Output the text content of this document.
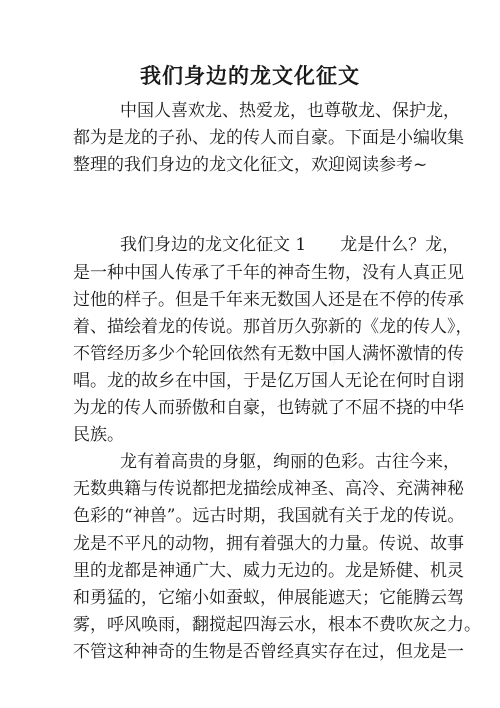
我们身边的龙文化征文

中国人喜欢龙、热爱龙，也尊敬龙、保护龙，

都为是龙的子孙、龙的传人而自豪。下面是小编收集

整理的我们身边的龙文化征文，欢迎阅读参考~

我们身边的龙文化征文 1　　龙是什么？龙，

是一种中国人传承了千年的神奇生物，没有人真正见

过他的样子。但是千年来无数国人还是在不停的传承

着、描绘着龙的传说。那首历久弥新的《龙的传人》，

不管经历多少个轮回依然有无数中国人满怀激情的传

唱。龙的故乡在中国，于是亿万国人无论在何时自诩

为龙的传人而骄傲和自豪，也铸就了不屈不挠的中华

民族。

龙有着高贵的身躯，绚丽的色彩。古往今来，

无数典籍与传说都把龙描绘成神圣、高冷、充满神秘

色彩的“神兽”。远古时期，我国就有关于龙的传说。

龙是不平凡的动物，拥有着强大的力量。传说、故事

里的龙都是神通广大、威力无边的。龙是矫健、机灵

和勇猛的，它缩小如蚕蚁，伸展能遮天；它能腾云驾

雾，呼风唤雨，翻搅起四海云水，根本不费吹灰之力。

不管这种神奇的生物是否曾经真实存在过，但龙是一
